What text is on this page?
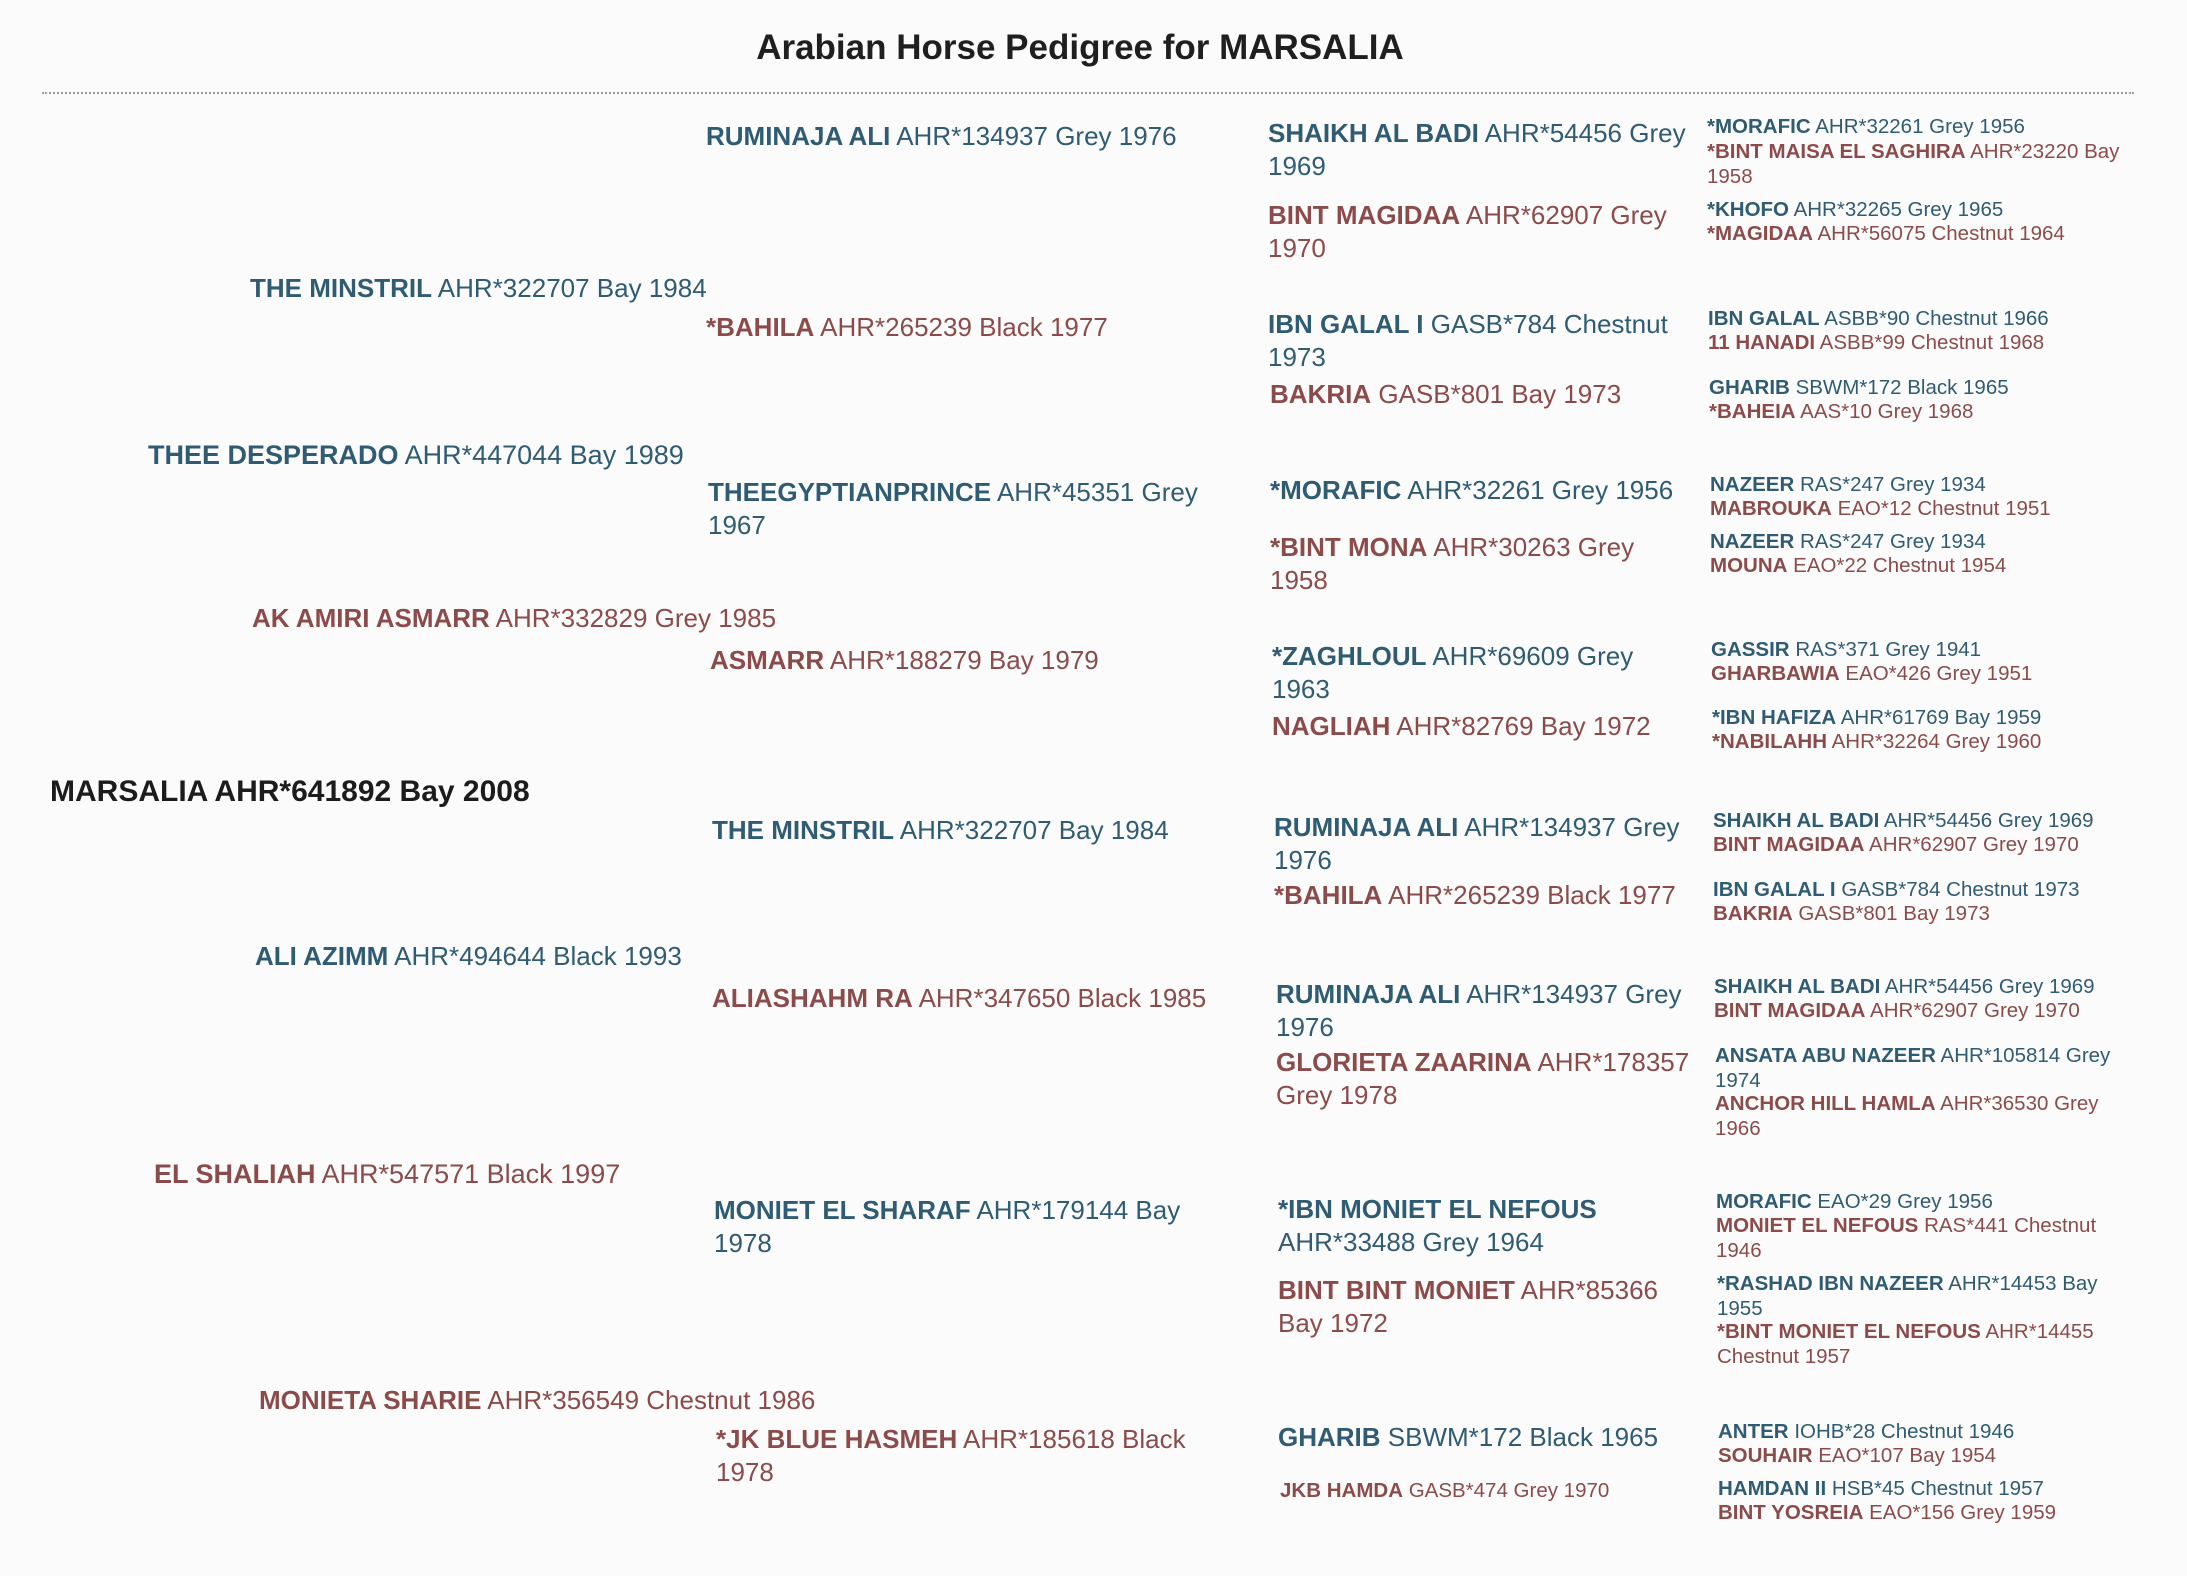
Arabian Horse Pedigree for MARSALIA
MARSALIA AHR*641892 Bay 2008
THEE DESPERADO AHR*447044 Bay 1989
EL SHALIAH AHR*547571 Black 1997
THE MINSTRIL AHR*322707 Bay 1984
AK AMIRI ASMARR AHR*332829 Grey 1985
ALI AZIMM AHR*494644 Black 1993
MONIETA SHARIE AHR*356549 Chestnut 1986
RUMINAJA ALI AHR*134937 Grey 1976
*BAHILA AHR*265239 Black 1977
THEEGYPTIANPRINCE AHR*45351 Grey 1967
ASMARR AHR*188279 Bay 1979
THE MINSTRIL AHR*322707 Bay 1984
ALIASHAHM RA AHR*347650 Black 1985
MONIET EL SHARAF AHR*179144 Bay 1978
*JK BLUE HASMEH AHR*185618 Black 1978
SHAIKH AL BADI AHR*54456 Grey 1969
BINT MAGIDAA AHR*62907 Grey 1970
IBN GALAL I GASB*784 Chestnut 1973
BAKRIA GASB*801 Bay 1973
*MORAFIC AHR*32261 Grey 1956
*BINT MONA AHR*30263 Grey 1958
*ZAGHLOUL AHR*69609 Grey 1963
NAGLIAH AHR*82769 Bay 1972
RUMINAJA ALI AHR*134937 Grey 1976
*BAHILA AHR*265239 Black 1977
RUMINAJA ALI AHR*134937 Grey 1976
GLORIETA ZAARINA AHR*178357 Grey 1978
*IBN MONIET EL NEFOUS AHR*33488 Grey 1964
BINT BINT MONIET AHR*85366 Bay 1972
GHARIB SBWM*172 Black 1965
JKB HAMDA GASB*474 Grey 1970
*MORAFIC AHR*32261 Grey 1956
*BINT MAISA EL SAGHIRA AHR*23220 Bay 1958
*KHOFO AHR*32265 Grey 1965
*MAGIDAA AHR*56075 Chestnut 1964
IBN GALAL ASBB*90 Chestnut 1966
11 HANADI ASBB*99 Chestnut 1968
GHARIB SBWM*172 Black 1965
*BAHEIA AAS*10 Grey 1968
NAZEER RAS*247 Grey 1934
MABROUKA EAO*12 Chestnut 1951
NAZEER RAS*247 Grey 1934
MOUNA EAO*22 Chestnut 1954
GASSIR RAS*371 Grey 1941
GHARBAWIA EAO*426 Grey 1951
*IBN HAFIZA AHR*61769 Bay 1959
*NABILAHH AHR*32264 Grey 1960
SHAIKH AL BADI AHR*54456 Grey 1969
BINT MAGIDAA AHR*62907 Grey 1970
IBN GALAL I GASB*784 Chestnut 1973
BAKRIA GASB*801 Bay 1973
SHAIKH AL BADI AHR*54456 Grey 1969
BINT MAGIDAA AHR*62907 Grey 1970
ANSATA ABU NAZEER AHR*105814 Grey 1974
ANCHOR HILL HAMLA AHR*36530 Grey 1966
MORAFIC EAO*29 Grey 1956
MONIET EL NEFOUS RAS*441 Chestnut 1946
*RASHAD IBN NAZEER AHR*14453 Bay 1955
*BINT MONIET EL NEFOUS AHR*14455 Chestnut 1957
ANTER IOHB*28 Chestnut 1946
SOUHAIR EAO*107 Bay 1954
HAMDAN II HSB*45 Chestnut 1957
BINT YOSREIA EAO*156 Grey 1959
